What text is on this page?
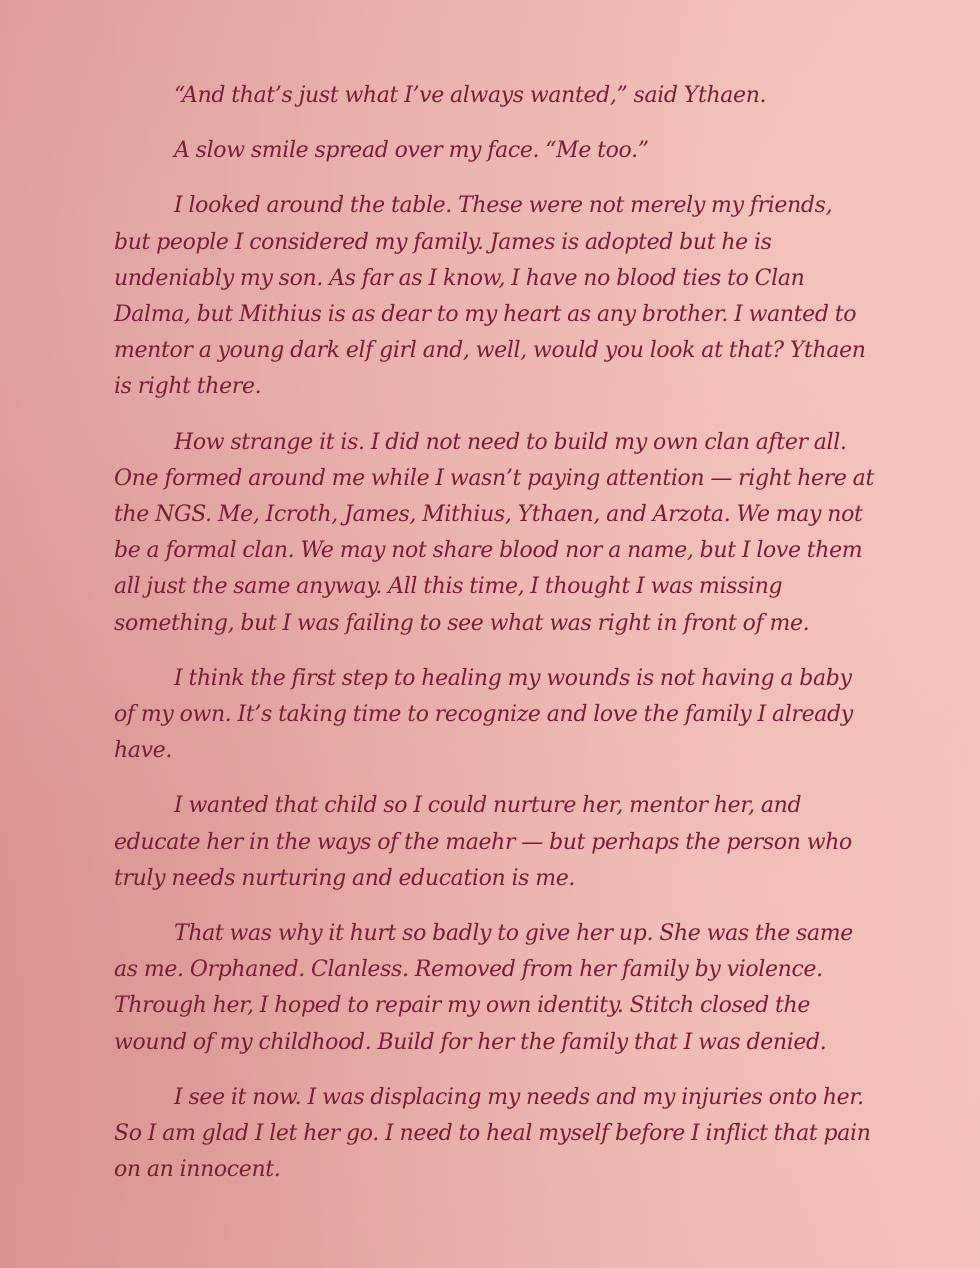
“And that’s just what I’ve always wanted,” said Ythaen.

A slow smile spread over my face. “Me too.”

I looked around the table. These were not merely my friends, but people I considered my family. James is adopted but he is undeniably my son. As far as I know, I have no blood ties to Clan Dalma, but Mithius is as dear to my heart as any brother. I wanted to mentor a young dark elf girl and, well, would you look at that? Ythaen is right there.

How strange it is. I did not need to build my own clan after all. One formed around me while I wasn’t paying attention — right here at the NGS. Me, Icroth, James, Mithius, Ythaen, and Arzota. We may not be a formal clan. We may not share blood nor a name, but I love them all just the same anyway. All this time, I thought I was missing something, but I was failing to see what was right in front of me.

I think the first step to healing my wounds is not having a baby of my own. It’s taking time to recognize and love the family I already have.

I wanted that child so I could nurture her, mentor her, and educate her in the ways of the maehr — but perhaps the person who truly needs nurturing and education is me.

That was why it hurt so badly to give her up. She was the same as me. Orphaned. Clanless. Removed from her family by violence. Through her, I hoped to repair my own identity. Stitch closed the wound of my childhood. Build for her the family that I was denied.

I see it now. I was displacing my needs and my injuries onto her. So I am glad I let her go. I need to heal myself before I inflict that pain on an innocent.
